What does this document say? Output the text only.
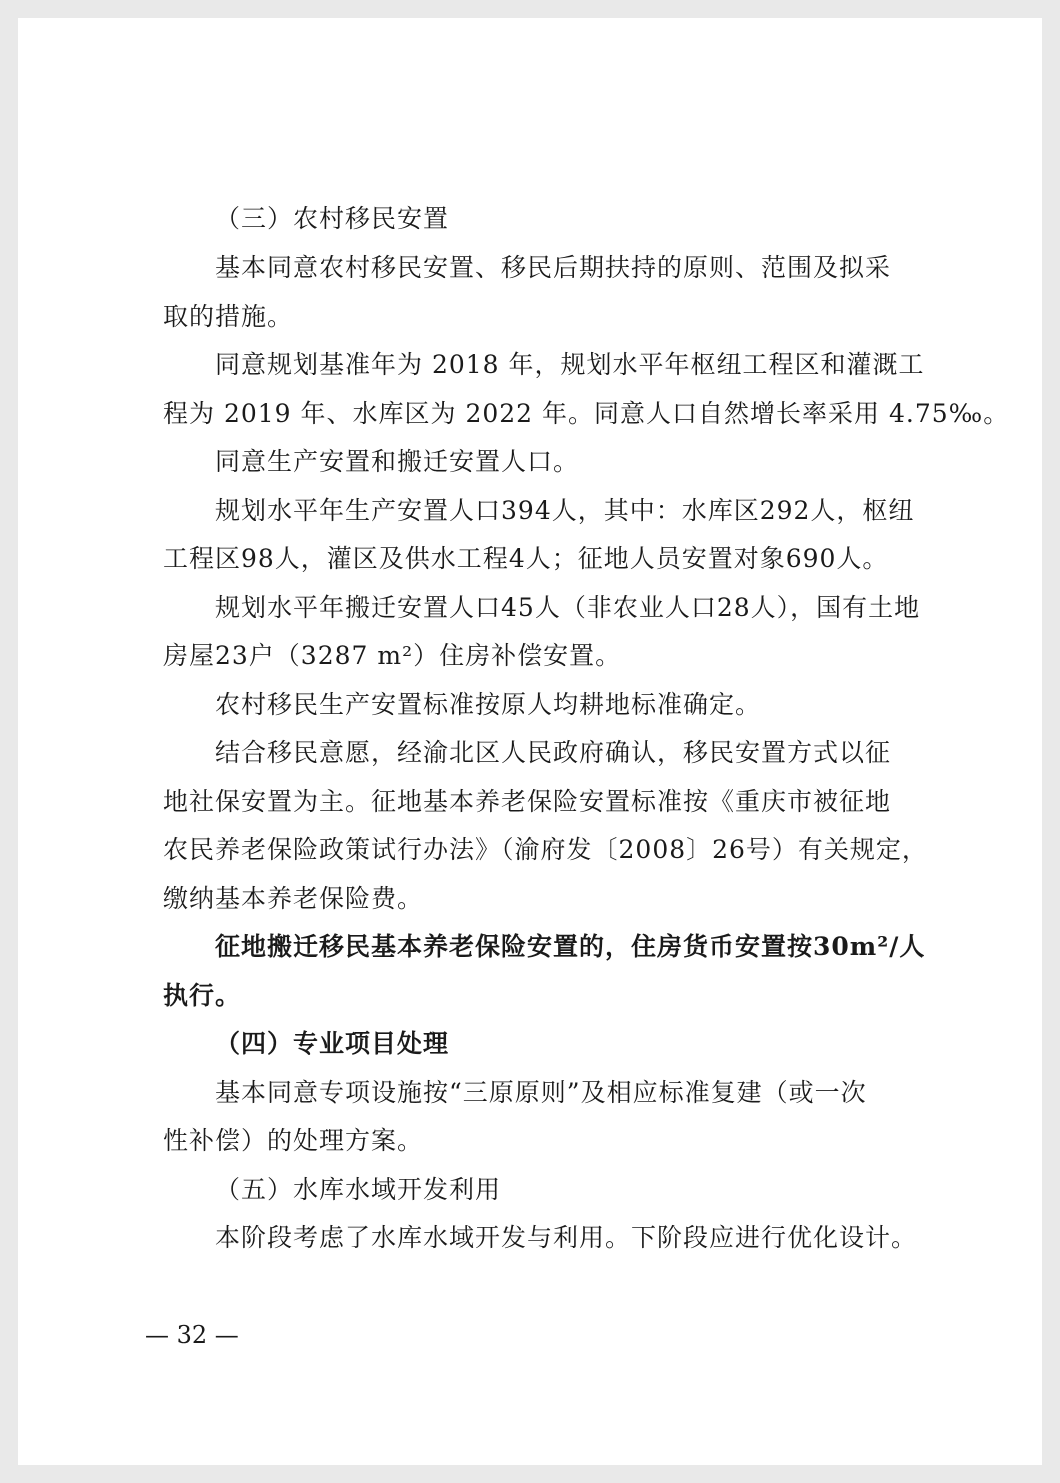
（三）农村移民安置
基本同意农村移民安置、移民后期扶持的原则、范围及拟采
取的措施。
同意规划基准年为 2018 年，规划水平年枢纽工程区和灌溉工
程为 2019 年、水库区为 2022 年。同意人口自然增长率采用 4.75‰。
同意生产安置和搬迁安置人口。
规划水平年生产安置人口394人，其中：水库区292人，枢纽
工程区98人，灌区及供水工程4人；征地人员安置对象690人。
规划水平年搬迁安置人口45人（非农业人口28人），国有土地
房屋23户（3287 m²）住房补偿安置。
农村移民生产安置标准按原人均耕地标准确定。
结合移民意愿，经渝北区人民政府确认，移民安置方式以征
地社保安置为主。征地基本养老保险安置标准按《重庆市被征地
农民养老保险政策试行办法》（渝府发〔2008〕26号）有关规定，
缴纳基本养老保险费。
征地搬迁移民基本养老保险安置的，住房货币安置按30m²/人
执行。
（四）专业项目处理
基本同意专项设施按“三原原则”及相应标准复建（或一次
性补偿）的处理方案。
（五）水库水域开发利用
本阶段考虑了水库水域开发与利用。下阶段应进行优化设计。
— 32 —
